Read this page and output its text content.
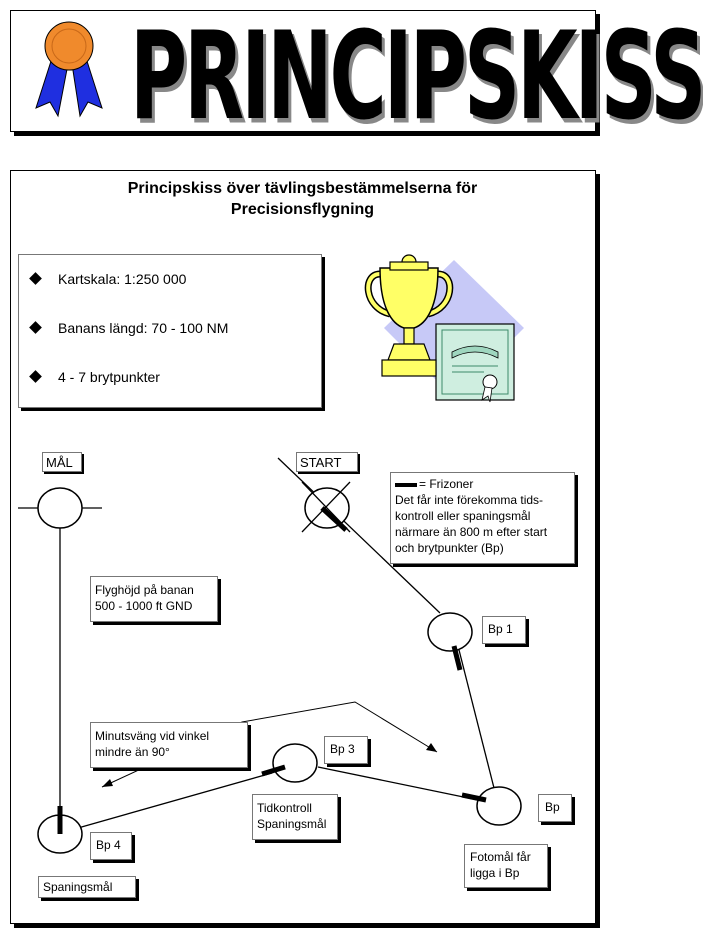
PRINCIPSKISS
Principskiss över tävlingsbestämmelserna för
Precisionsflygning
Kartskala: 1:250 000
Banans längd: 70 - 100 NM
4 - 7 brytpunkter
MÅL	START
= Frizoner
Det får inte förekomma tids-
kontroll eller spaningsmål
närmare än 800 m efter start
och brytpunkter (Bp)
Flyghöjd på banan
500 - 1000 ft GND
Bp 1
Minutsväng vid vinkel
mindre än 90°	Bp 3
Bp
Tidkontroll
Spaningsmål
Bp 4
Fotomål får
ligga i Bp
Spaningsmål
